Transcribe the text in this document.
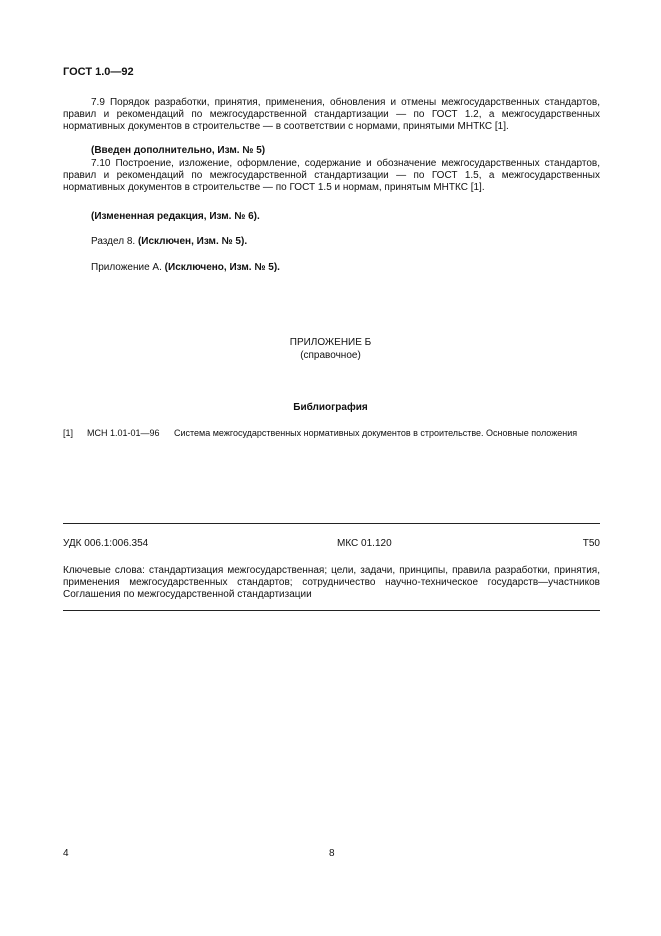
ГОСТ 1.0—92
7.9 Порядок разработки, принятия, применения, обновления и отмены межгосударственных стандартов, правил и рекомендаций по межгосударственной стандартизации — по ГОСТ 1.2, а межгосударственных нормативных документов в строительстве — в соответствии с нормами, принятыми МНТКС [1].
(Введен дополнительно, Изм. № 5)
7.10 Построение, изложение, оформление, содержание и обозначение межгосударственных стандартов, правил и рекомендаций по межгосударственной стандартизации — по ГОСТ 1.5, а межгосударственных нормативных документов в строительстве — по ГОСТ 1.5 и нормам, принятым МНТКС [1].
(Измененная редакция, Изм. № 6).
Раздел 8. (Исключен, Изм. № 5).
Приложение А. (Исключено, Изм. № 5).
ПРИЛОЖЕНИЕ Б
(справочное)
Библиография
[1] МСН 1.01-01—96 Система межгосударственных нормативных документов в строительстве. Основные положения
УДК 006.1:006.354	МКС 01.120	Т50
Ключевые слова: стандартизация межгосударственная; цели, задачи, принципы, правила разработки, принятия, применения межгосударственных стандартов; сотрудничество научно-техническое государств—участников Соглашения по межгосударственной стандартизации
4	8
